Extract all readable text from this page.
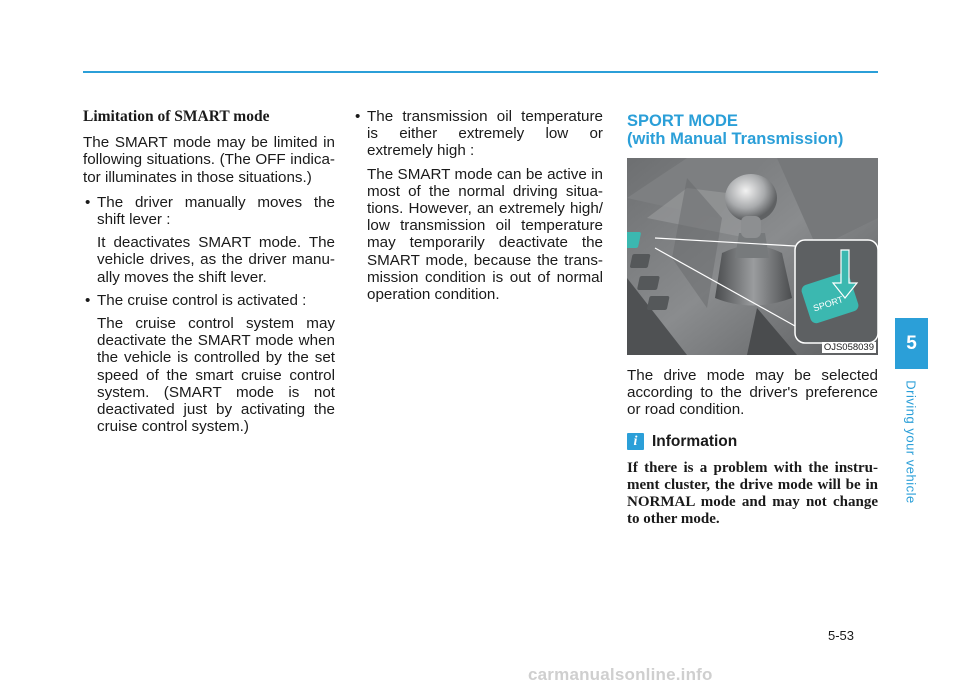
Limitation of SMART mode

The SMART mode may be limited in following situations. (The OFF indica-tor illuminates in those situations.)

• The driver manually moves the shift lever :
It deactivates SMART mode. The vehicle drives, as the driver manu-ally moves the shift lever.
• The cruise control is activated :
The cruise control system may deactivate the SMART mode when the vehicle is controlled by the set speed of the smart cruise control system. (SMART mode is not deactivated just by activating the cruise control system.)
• The transmission oil temperature is either extremely low or extremely high :
The SMART mode can be active in most of the normal driving situa-tions. However, an extremely high/ low transmission oil temperature may temporarily deactivate the SMART mode, because the trans-mission condition is out of normal operation condition.
SPORT MODE
(with Manual Transmission)
SPORT
OJS058039

The drive mode may be selected according to the driver's preference or road condition.

i Information
If there is a problem with the instru-ment cluster, the drive mode will be in NORMAL mode and may not change to other mode.
5
Driving your vehicle
5-53
carmanualsonline.info
